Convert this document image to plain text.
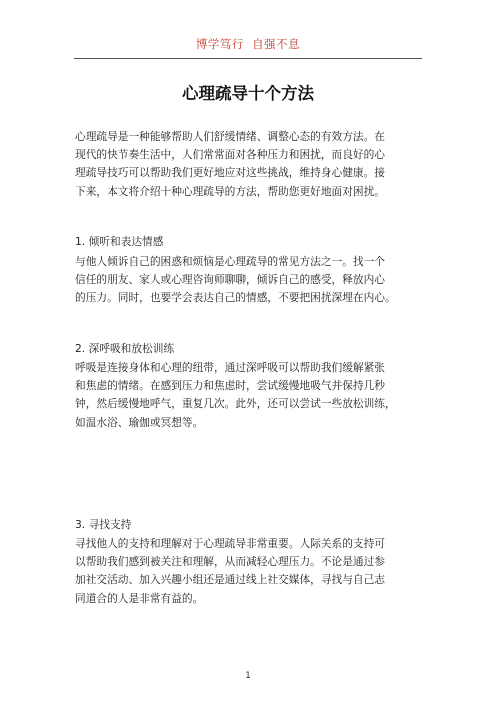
博学笃行  自强不息
心理疏导十个方法
心理疏导是一种能够帮助人们舒缓情绪、调整心态的有效方法。在
现代的快节奏生活中，人们常常面对各种压力和困扰，而良好的心
理疏导技巧可以帮助我们更好地应对这些挑战，维持身心健康。接
下来，本文将介绍十种心理疏导的方法，帮助您更好地面对困扰。
1. 倾听和表达情感
与他人倾诉自己的困惑和烦恼是心理疏导的常见方法之一。找一个
信任的朋友、家人或心理咨询师聊聊，倾诉自己的感受，释放内心
的压力。同时，也要学会表达自己的情感，不要把困扰深埋在内心。
2. 深呼吸和放松训练
呼吸是连接身体和心理的纽带，通过深呼吸可以帮助我们缓解紧张
和焦虑的情绪。在感到压力和焦虑时，尝试缓慢地吸气并保持几秒
钟，然后缓慢地呼气，重复几次。此外，还可以尝试一些放松训练，
如温水浴、瑜伽或冥想等。
3. 寻找支持
寻找他人的支持和理解对于心理疏导非常重要。人际关系的支持可
以帮助我们感到被关注和理解，从而减轻心理压力。不论是通过参
加社交活动、加入兴趣小组还是通过线上社交媒体，寻找与自己志
同道合的人是非常有益的。
1
